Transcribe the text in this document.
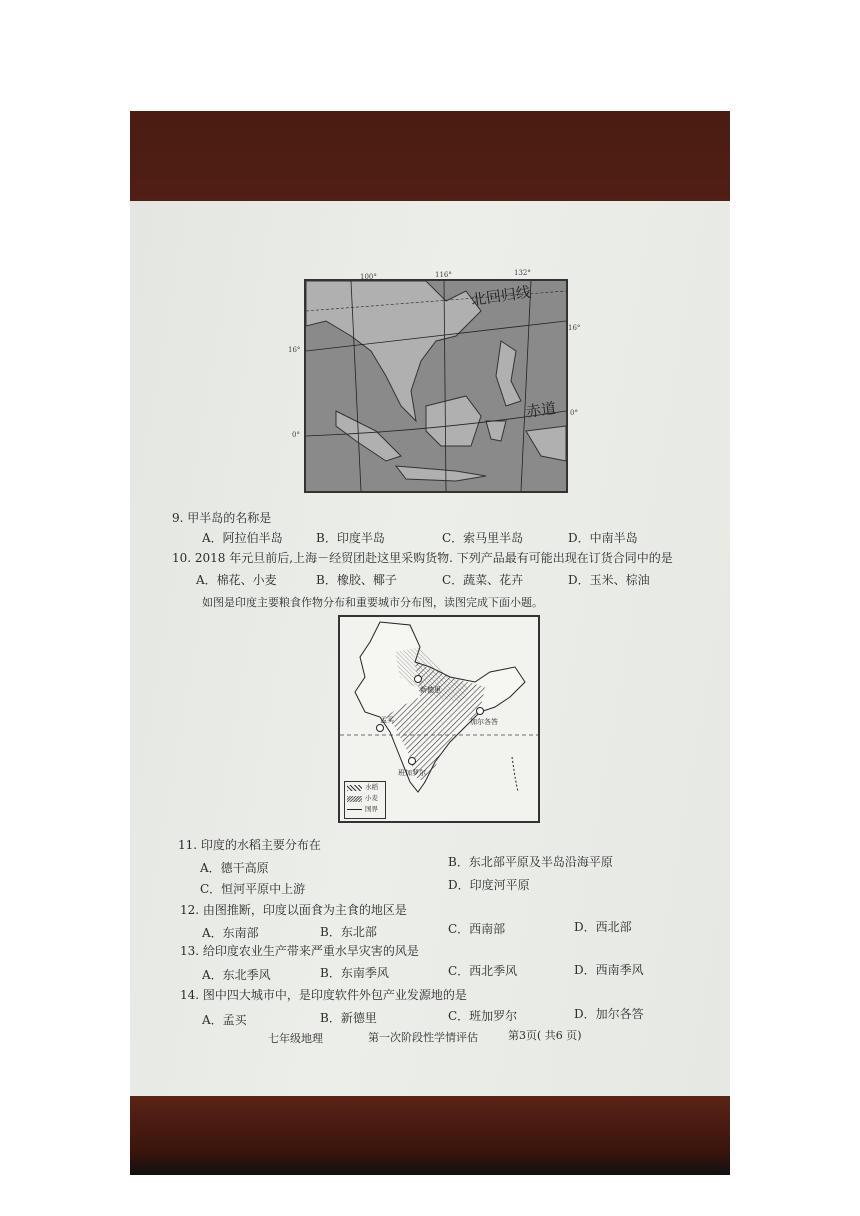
北回归线
赤道
100°	116°	132°
16°
0°
16°
0°
9. 甲半岛的名称是
A．阿拉伯半岛	B．印度半岛	C．索马里半岛	D．中南半岛
10. 2018 年元旦前后,上海－经贸团赴这里采购货物. 下列产品最有可能出现在订货合同中的是
A．棉花、小麦	B．橡胶、椰子	C．蔬菜、花卉	D．玉米、棕油
如图是印度主要粮食作物分布和重要城市分布图，读图完成下面小题。
新德里
加尔各答
孟买
班加罗尔
水稻
小麦
国界
11. 印度的水稻主要分布在
A．德干高原	B．东北部平原及半岛沿海平原
C．恒河平原中上游	D．印度河平原
12. 由图推断，印度以面食为主食的地区是
A．东南部	B．东北部	C．西南部	D．西北部
13. 给印度农业生产带来严重水旱灾害的风是
A．东北季风	B．东南季风	C．西北季风	D．西南季风
14. 图中四大城市中，是印度软件外包产业发源地的是
A．孟买	B．新德里	C．班加罗尔	D．加尔各答
七年级地理	第一次阶段性学情评估	第3页( 共6 页)
